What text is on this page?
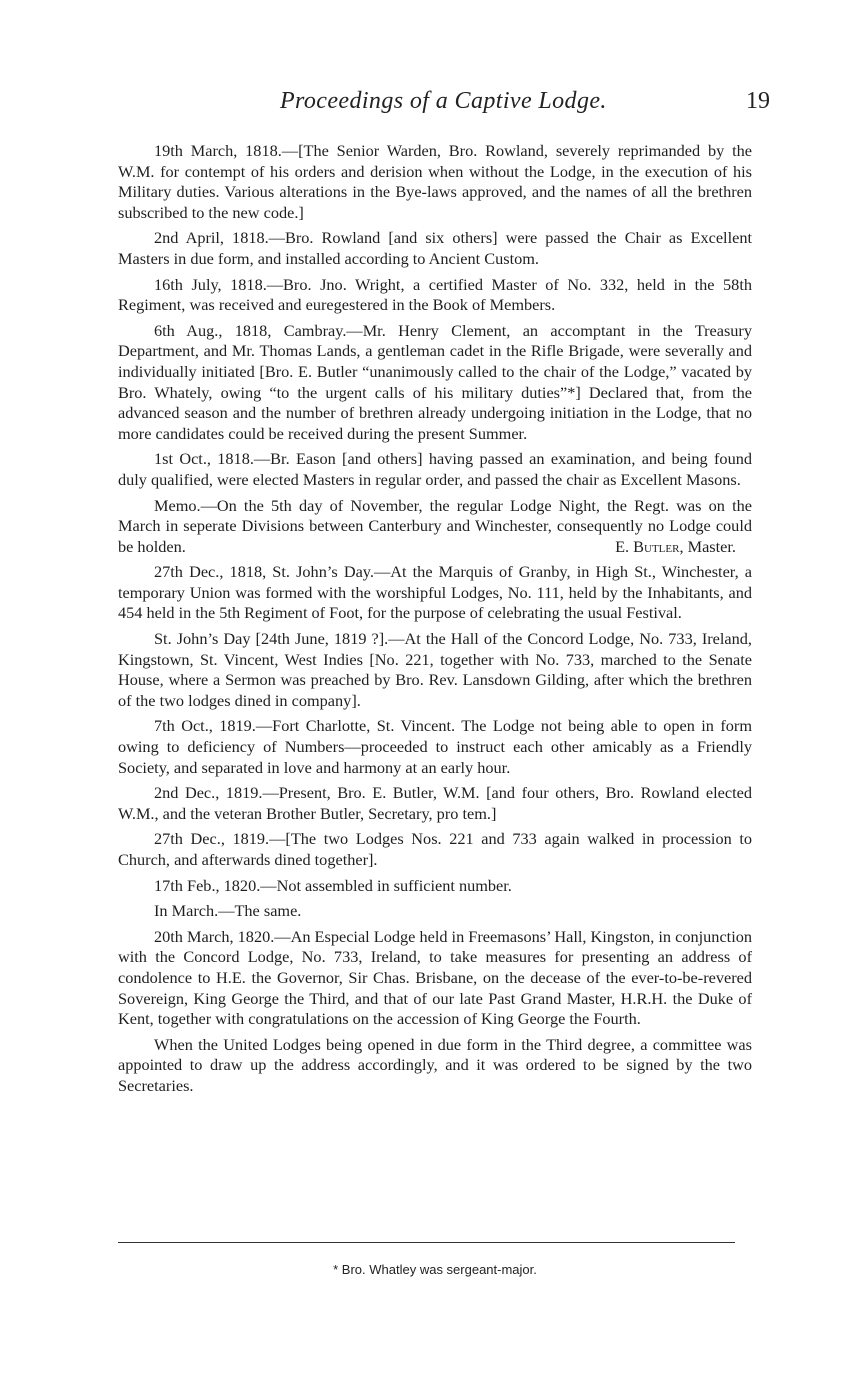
Proceedings of a Captive Lodge.	19

19th March, 1818.—[The Senior Warden, Bro. Rowland, severely reprimanded by the W.M. for contempt of his orders and derision when without the Lodge, in the execution of his Military duties. Various alterations in the Bye-laws approved, and the names of all the brethren subscribed to the new code.]

2nd April, 1818.—Bro. Rowland [and six others] were passed the Chair as Excellent Masters in due form, and installed according to Ancient Custom.

16th July, 1818.—Bro. Jno. Wright, a certified Master of No. 332, held in the 58th Regiment, was received and euregestered in the Book of Members.

6th Aug., 1818, Cambray.—Mr. Henry Clement, an accomptant in the Treasury Department, and Mr. Thomas Lands, a gentleman cadet in the Rifle Brigade, were severally and individually initiated [Bro. E. Butler “unanimously called to the chair of the Lodge,” vacated by Bro. Whately, owing “to the urgent calls of his military duties”*] Declared that, from the advanced season and the number of brethren already undergoing initiation in the Lodge, that no more candidates could be received during the present Summer.

1st Oct., 1818.—Br. Eason [and others] having passed an examination, and being found duly qualified, were elected Masters in regular order, and passed the chair as Excellent Masons.

Memo.—On the 5th day of November, the regular Lodge Night, the Regt. was on the March in seperate Divisions between Canterbury and Winchester, consequently no Lodge could be holden.	E. Butler, Master.

27th Dec., 1818, St. John’s Day.—At the Marquis of Granby, in High St., Winchester, a temporary Union was formed with the worshipful Lodges, No. 111, held by the Inhabitants, and 454 held in the 5th Regiment of Foot, for the purpose of celebrating the usual Festival.

St. John’s Day [24th June, 1819 ?].—At the Hall of the Concord Lodge, No. 733, Ireland, Kingstown, St. Vincent, West Indies [No. 221, together with No. 733, marched to the Senate House, where a Sermon was preached by Bro. Rev. Lansdown Gilding, after which the brethren of the two lodges dined in company].

7th Oct., 1819.—Fort Charlotte, St. Vincent. The Lodge not being able to open in form owing to deficiency of Numbers—proceeded to instruct each other amicably as a Friendly Society, and separated in love and harmony at an early hour.

2nd Dec., 1819.—Present, Bro. E. Butler, W.M. [and four others, Bro. Rowland elected W.M., and the veteran Brother Butler, Secretary, pro tem.]

27th Dec., 1819.—[The two Lodges Nos. 221 and 733 again walked in procession to Church, and afterwards dined together].

17th Feb., 1820.—Not assembled in sufficient number.

In March.—The same.

20th March, 1820.—An Especial Lodge held in Freemasons’ Hall, Kingston, in conjunction with the Concord Lodge, No. 733, Ireland, to take measures for presenting an address of condolence to H.E. the Governor, Sir Chas. Brisbane, on the decease of the ever-to-be-revered Sovereign, King George the Third, and that of our late Past Grand Master, H.R.H. the Duke of Kent, together with congratulations on the accession of King George the Fourth.

When the United Lodges being opened in due form in the Third degree, a committee was appointed to draw up the address accordingly, and it was ordered to be signed by the two Secretaries.

* Bro. Whatley was sergeant-major.
